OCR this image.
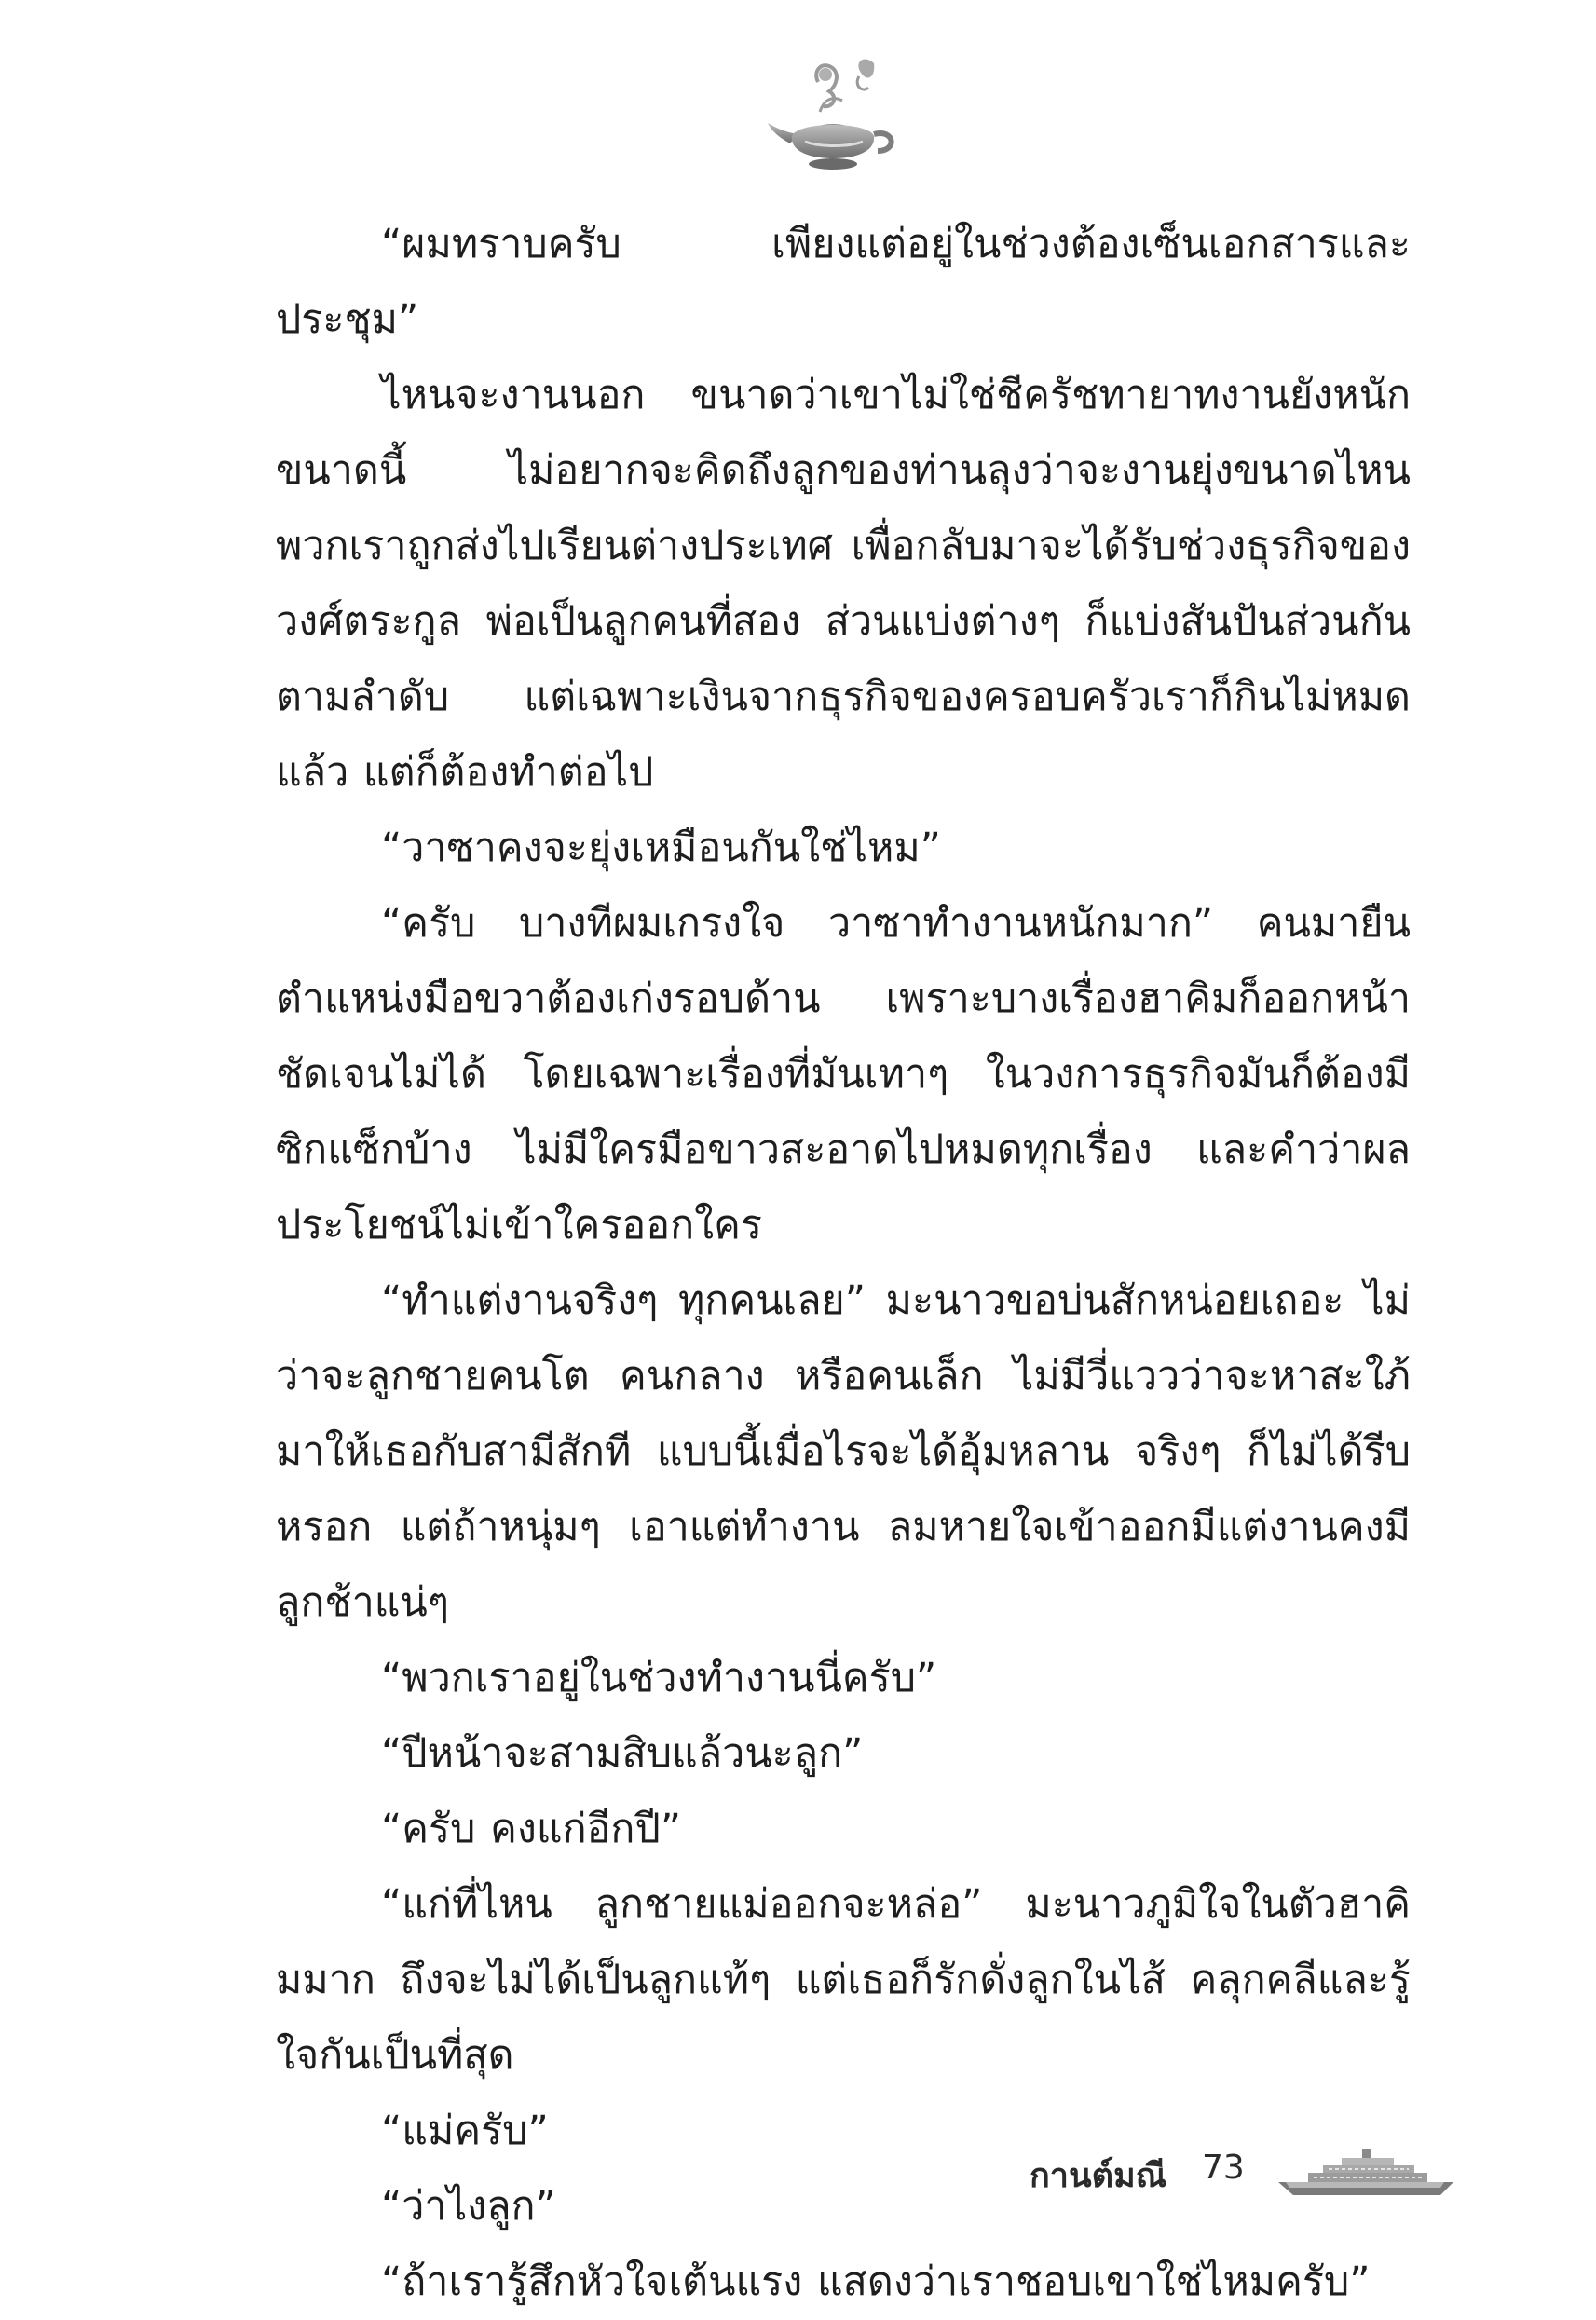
“ผมทราบครับ เพียงแต่อยู่ในช่วงต้องเซ็นเอกสารและประชุม”

ไหนจะงานนอก ขนาดว่าเขาไม่ใช่ชีครัชทายาทงานยังหนักขนาดนี้ ไม่อยากจะคิดถึงลูกของท่านลุงว่าจะงานยุ่งขนาดไหน พวกเราถูกส่งไปเรียนต่างประเทศ เพื่อกลับมาจะได้รับช่วงธุรกิจของวงศ์ตระกูล พ่อเป็นลูกคนที่สอง ส่วนแบ่งต่างๆ ก็แบ่งสันปันส่วนกันตามลำดับ แต่เฉพาะเงินจากธุรกิจของครอบครัวเราก็กินไม่หมดแล้ว แต่ก็ต้องทำต่อไป

“วาซาคงจะยุ่งเหมือนกันใช่ไหม”

“ครับ บางทีผมเกรงใจ วาซาทำงานหนักมาก” คนมายืนตำแหน่งมือขวาต้องเก่งรอบด้าน เพราะบางเรื่องฮาคิมก็ออกหน้าชัดเจนไม่ได้ โดยเฉพาะเรื่องที่มันเทาๆ ในวงการธุรกิจมันก็ต้องมีซิกแซ็กบ้าง ไม่มีใครมือขาวสะอาดไปหมดทุกเรื่อง และคำว่าผลประโยชน์ไม่เข้าใครออกใคร

“ทำแต่งานจริงๆ ทุกคนเลย” มะนาวขอบ่นสักหน่อยเถอะ ไม่ว่าจะลูกชายคนโต คนกลาง หรือคนเล็ก ไม่มีวี่แววว่าจะหาสะใภ้มาให้เธอกับสามีสักที แบบนี้เมื่อไรจะได้อุ้มหลาน จริงๆ ก็ไม่ได้รีบหรอก แต่ถ้าหนุ่มๆ เอาแต่ทำงาน ลมหายใจเข้าออกมีแต่งานคงมีลูกช้าแน่ๆ

“พวกเราอยู่ในช่วงทำงานนี่ครับ”

“ปีหน้าจะสามสิบแล้วนะลูก”

“ครับ คงแก่อีกปี”

“แก่ที่ไหน ลูกชายแม่ออกจะหล่อ” มะนาวภูมิใจในตัวฮาคิมมาก ถึงจะไม่ได้เป็นลูกแท้ๆ แต่เธอก็รักดั่งลูกในไส้ คลุกคลีและรู้ใจกันเป็นที่สุด

“แม่ครับ”

“ว่าไงลูก”

“ถ้าเรารู้สึกหัวใจเต้นแรง แสดงว่าเราชอบเขาใช่ไหมครับ”

กานต์มณี 73
